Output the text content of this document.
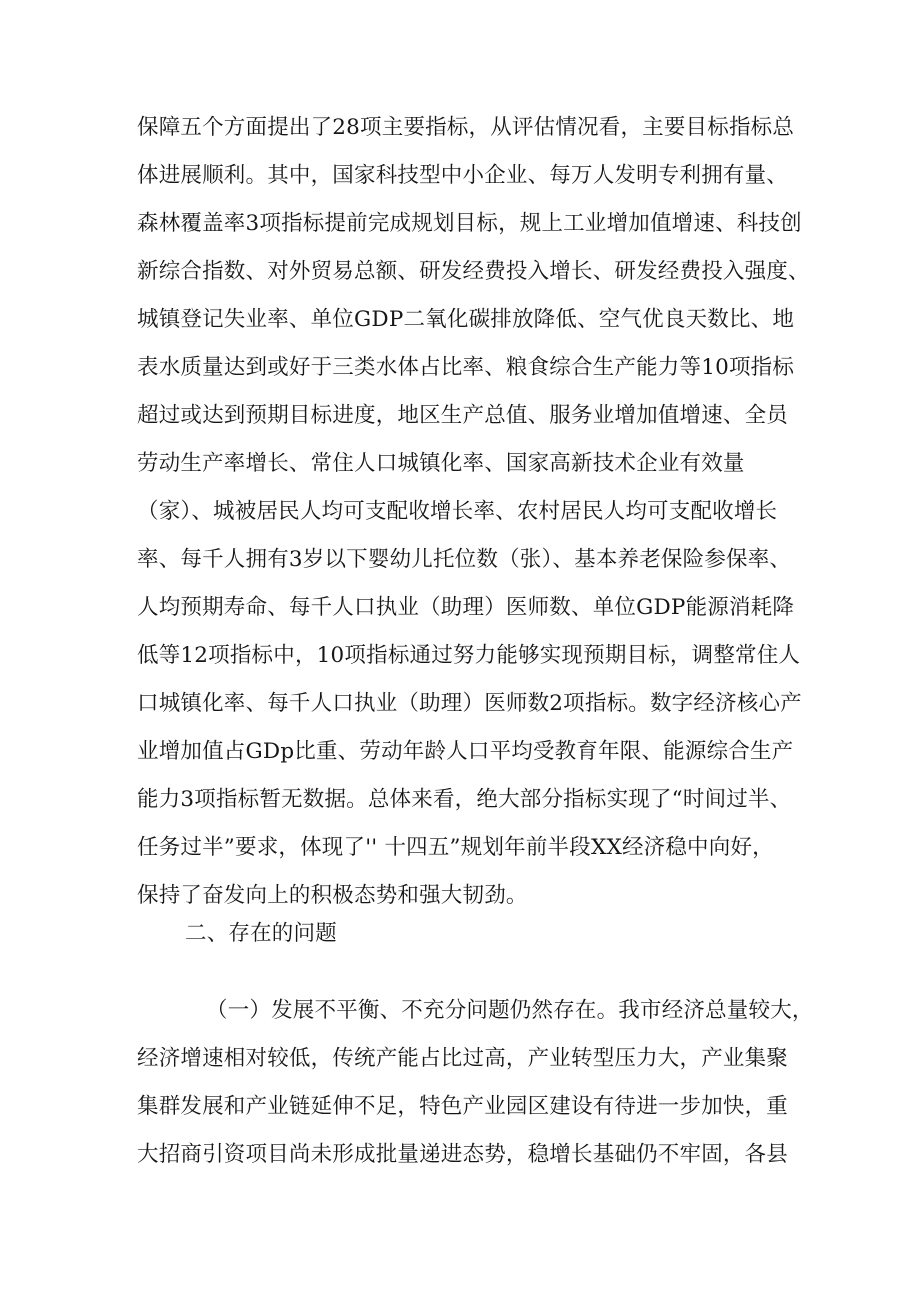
保障五个方面提出了28项主要指标，从评估情况看，主要目标指标总
体进展顺利。其中，国家科技型中小企业、每万人发明专利拥有量、
森林覆盖率3项指标提前完成规划目标，规上工业增加值增速、科技创
新综合指数、对外贸易总额、研发经费投入增长、研发经费投入强度、
城镇登记失业率、单位GDP二氧化碳排放降低、空气优良天数比、地
表水质量达到或好于三类水体占比率、粮食综合生产能力等10项指标
超过或达到预期目标进度，地区生产总值、服务业增加值增速、全员
劳动生产率增长、常住人口城镇化率、国家高新技术企业有效量
（家）、城被居民人均可支配收增长率、农村居民人均可支配收增长
率、每千人拥有3岁以下婴幼儿托位数（张）、基本养老保险参保率、
人均预期寿命、每千人口执业（助理）医师数、单位GDP能源消耗降
低等12项指标中，10项指标通过努力能够实现预期目标，调整常住人
口城镇化率、每千人口执业（助理）医师数2项指标。数字经济核心产
业增加值占GDp比重、劳动年龄人口平均受教育年限、能源综合生产
能力3项指标暂无数据。总体来看，绝大部分指标实现了“时间过半、
任务过半”要求，体现了'' 十四五”规划年前半段XX经济稳中向好，
保持了奋发向上的积极态势和强大韧劲。
二、存在的问题
（一）发展不平衡、不充分问题仍然存在。我市经济总量较大，
经济增速相对较低，传统产能占比过高，产业转型压力大，产业集聚
集群发展和产业链延伸不足，特色产业园区建设有待进一步加快，重
大招商引资项目尚未形成批量递进态势，稳增长基础仍不牢固，各县
